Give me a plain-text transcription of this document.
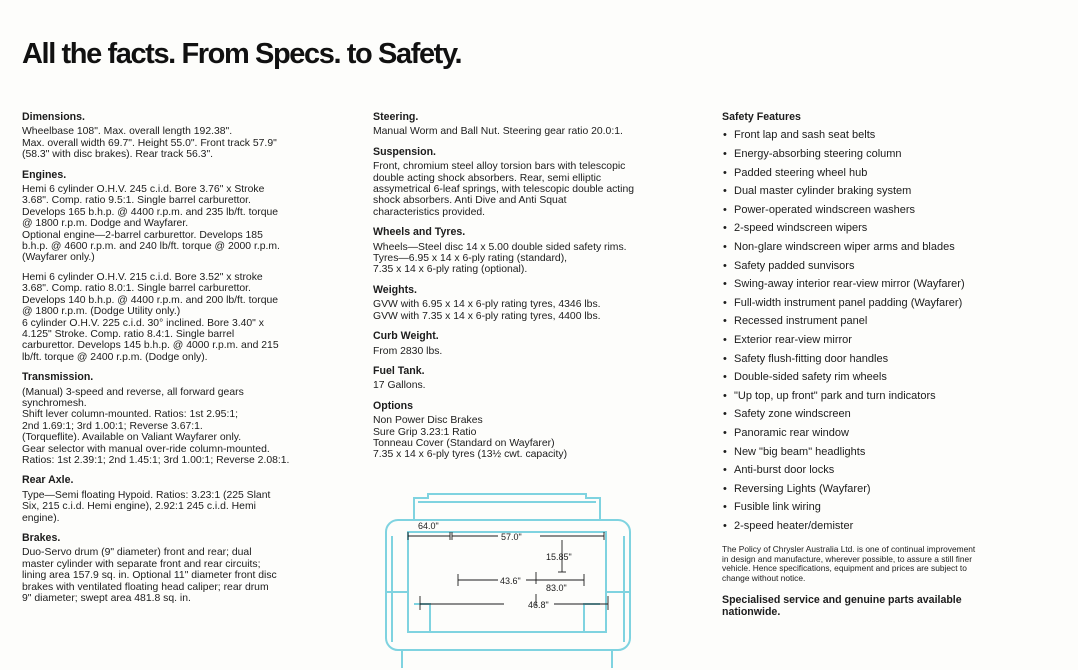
All the facts. From Specs. to Safety.
Dimensions.
Wheelbase 108". Max. overall length 192.38".
Max. overall width 69.7". Height 55.0". Front track 57.9"
(58.3" with disc brakes). Rear track 56.3".
Engines.
Hemi 6 cylinder O.H.V. 245 c.i.d. Bore 3.76" x Stroke
3.68". Comp. ratio 9.5:1. Single barrel carburettor.
Develops 165 b.h.p. @ 4400 r.p.m. and 235 lb/ft. torque
@ 1800 r.p.m. Dodge and Wayfarer.
Optional engine—2-barrel carburettor. Develops 185
b.h.p. @ 4600 r.p.m. and 240 lb/ft. torque @ 2000 r.p.m.
(Wayfarer only.)
Hemi 6 cylinder O.H.V. 215 c.i.d. Bore 3.52" x stroke
3.68". Comp. ratio 8.0:1. Single barrel carburettor.
Develops 140 b.h.p. @ 4400 r.p.m. and 200 lb/ft. torque
@ 1800 r.p.m. (Dodge Utility only.)
6 cylinder O.H.V. 225 c.i.d. 30° inclined. Bore 3.40" x
4.125" Stroke. Comp. ratio 8.4:1. Single barrel
carburettor. Develops 145 b.h.p. @ 4000 r.p.m. and 215
lb/ft. torque @ 2400 r.p.m. (Dodge only).
Transmission.
(Manual) 3-speed and reverse, all forward gears
synchromesh.
Shift lever column-mounted. Ratios: 1st 2.95:1;
2nd 1.69:1; 3rd 1.00:1; Reverse 3.67:1.
(Torqueflite). Available on Valiant Wayfarer only.
Gear selector with manual over-ride column-mounted.
Ratios: 1st 2.39:1; 2nd 1.45:1; 3rd 1.00:1; Reverse 2.08:1.
Rear Axle.
Type—Semi floating Hypoid. Ratios: 3.23:1 (225 Slant
Six, 215 c.i.d. Hemi engine), 2.92:1 245 c.i.d. Hemi
engine).
Brakes.
Duo-Servo drum (9" diameter) front and rear; dual
master cylinder with separate front and rear circuits;
lining area 157.9 sq. in. Optional 11" diameter front disc
brakes with ventilated floating head caliper; rear drum
9" diameter; swept area 481.8 sq. in.
Steering.
Manual Worm and Ball Nut. Steering gear ratio 20.0:1.
Suspension.
Front, chromium steel alloy torsion bars with telescopic
double acting shock absorbers. Rear, semi elliptic
assymetrical 6-leaf springs, with telescopic double acting
shock absorbers. Anti Dive and Anti Squat
characteristics provided.
Wheels and Tyres.
Wheels—Steel disc 14 x 5.00 double sided safety rims.
Tyres—6.95 x 14 x 6-ply rating (standard),
7.35 x 14 x 6-ply rating (optional).
Weights.
GVW with 6.95 x 14 x 6-ply rating tyres, 4346 lbs.
GVW with 7.35 x 14 x 6-ply rating tyres, 4400 lbs.
Curb Weight.
From 2830 lbs.
Fuel Tank.
17 Gallons.
Options
Non Power Disc Brakes
Sure Grip 3.23:1 Ratio
Tonneau Cover (Standard on Wayfarer)
7.35 x 14 x 6-ply tyres (13½ cwt. capacity)
64.0"
57.0"
15.85"
43.6"
83.0"
46.8"
Safety Features
• Front lap and sash seat belts
• Energy-absorbing steering column
• Padded steering wheel hub
• Dual master cylinder braking system
• Power-operated windscreen washers
• 2-speed windscreen wipers
• Non-glare windscreen wiper arms and blades
• Safety padded sunvisors
• Swing-away interior rear-view mirror (Wayfarer)
• Full-width instrument panel padding (Wayfarer)
• Recessed instrument panel
• Exterior rear-view mirror
• Safety flush-fitting door handles
• Double-sided safety rim wheels
• "Up top, up front" park and turn indicators
• Safety zone windscreen
• Panoramic rear window
• New "big beam" headlights
• Anti-burst door locks
• Reversing Lights (Wayfarer)
• Fusible link wiring
• 2-speed heater/demister
The Policy of Chrysler Australia Ltd. is one of continual improvement
in design and manufacture, wherever possible, to assure a still finer
vehicle. Hence specifications, equipment and prices are subject to
change without notice.
Specialised service and genuine parts available
nationwide.
